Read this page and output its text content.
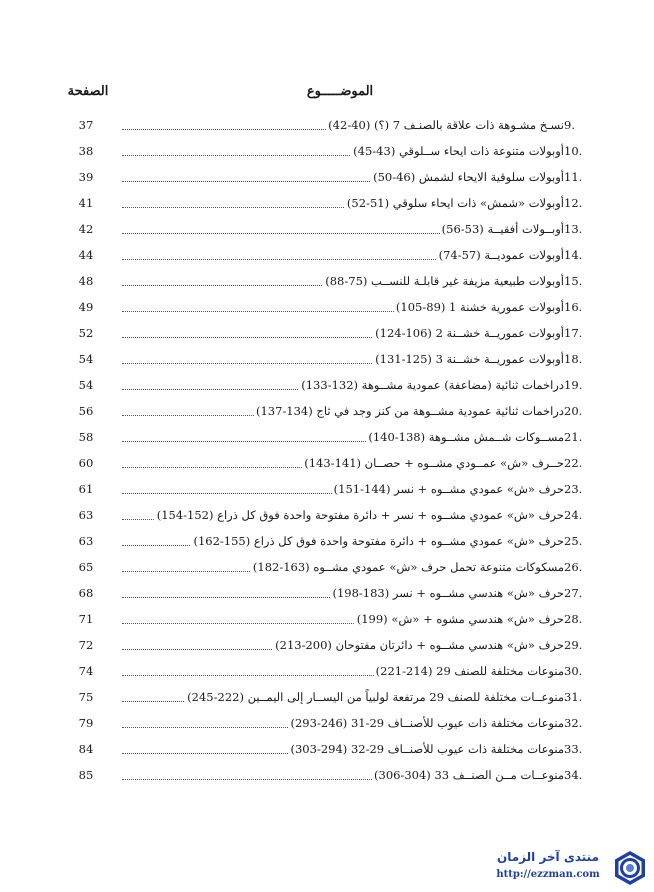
الموضـــــوع
الصفحة
نسـخ مشـوهة ذات علاقة بالصنـف 7 (؟) (40-42) 9.
37
أوبولات متنوعة ذات ايحاء ســلوقي (43-45) 10.
38
أوبولات سلوقية الايحاء لشمش (46-50) 11.
39
أوبولات «شمش» ذات ايحاء سلوقي (51-52) 12.
41
أوبــولات أفقيــة (53-56) 13.
42
أوبولات عموديــة (57-74) 14.
44
أوبولات طبيعية مزيفة غير قابلـة للنســب (75-88) 15.
48
أوبولات عمورية خشنة 1 (89-105) 16.
49
أوبولات عموريــة خشــنة 2 (106-124) 17.
52
أوبولات عموريــة خشــنة 3 (125-131) 18.
54
دراخمات ثنائية (مضاعفة) عمودية مشــوهة (132-133) 19.
54
دراخمات ثنائية عمودية مشــوهة من كنز وجد في ثاج (134-137) 20.
56
مســوكات شــمش مشــوهة (138-140) 21.
58
حــرف «ش» عمــودي مشــوه + حصــان (141-143) 22.
60
حرف «ش» عمودي مشــوه + نسر (144-151) 23.
61
حرف «ش» عمودي مشــوه + نسر + دائرة مفتوحة واحدة فوق كل ذراع (152-154) 24.
63
حرف «ش» عمودي مشــوه + دائرة مفتوحة واحدة فوق كل ذراع (155-162) 25.
63
مسكوكات متنوعة تحمل حرف «ش» عمودي مشــوه (163-182) 26.
65
حرف «ش» هندسي مشــوه + نسر (183-198) 27.
68
حرف «ش» هندسي مشوه + «ش» (199) 28.
71
حرف «ش» هندسي مشــوه + دائرتان مفتوحان (200-213) 29.
72
منوعات مختلفة للصنف 29 (214-221) 30.
74
منوعــات مختلفة للصنف 29 مرتفعة لولبياً من اليســار إلى اليمــين (222-245) 31.
75
منوعات مختلفة ذات عيوب للأصنــاف 29-31 (246-293) 32.
79
منوعات مختلفة ذات عيوب للأصنــاف 29-32 (294-303) 33.
84
منوعــات مــن الصنــف 33 (304-306) 34.
85
منتدى آخر الزمان
http://ezzman.com
